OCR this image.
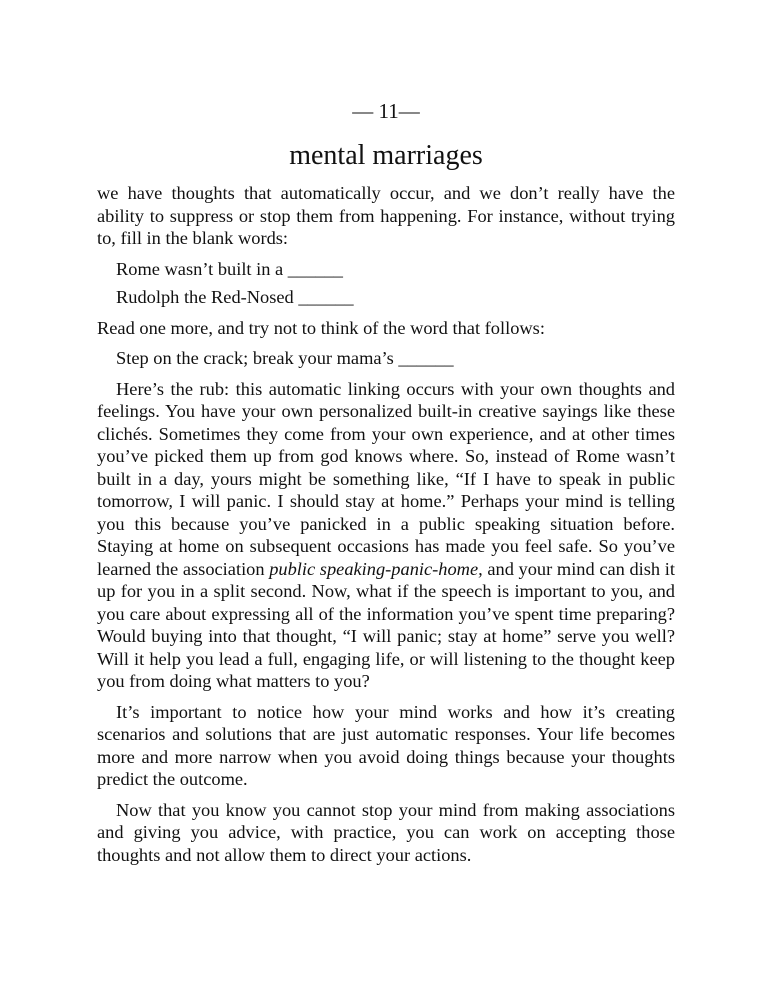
— 11—
mental marriages

we have thoughts that automatically occur, and we don’t really have the ability to suppress or stop them from happening. For instance, without trying to, fill in the blank words:

Rome wasn’t built in a ______

Rudolph the Red-Nosed ______

Read one more, and try not to think of the word that follows:

Step on the crack; break your mama’s ______

Here’s the rub: this automatic linking occurs with your own thoughts and feelings. You have your own personalized built-in creative sayings like these clichés. Sometimes they come from your own experience, and at other times you’ve picked them up from god knows where. So, instead of Rome wasn’t built in a day, yours might be something like, “If I have to speak in public tomorrow, I will panic. I should stay at home.” Perhaps your mind is telling you this because you’ve panicked in a public speaking situation before. Staying at home on subsequent occasions has made you feel safe. So you’ve learned the association public speaking-panic-home, and your mind can dish it up for you in a split second. Now, what if the speech is important to you, and you care about expressing all of the information you’ve spent time preparing? Would buying into that thought, “I will panic; stay at home” serve you well? Will it help you lead a full, engaging life, or will listening to the thought keep you from doing what matters to you?

It’s important to notice how your mind works and how it’s creating scenarios and solutions that are just automatic responses. Your life becomes more and more narrow when you avoid doing things because your thoughts predict the outcome.

Now that you know you cannot stop your mind from making associations and giving you advice, with practice, you can work on accepting those thoughts and not allow them to direct your actions.
